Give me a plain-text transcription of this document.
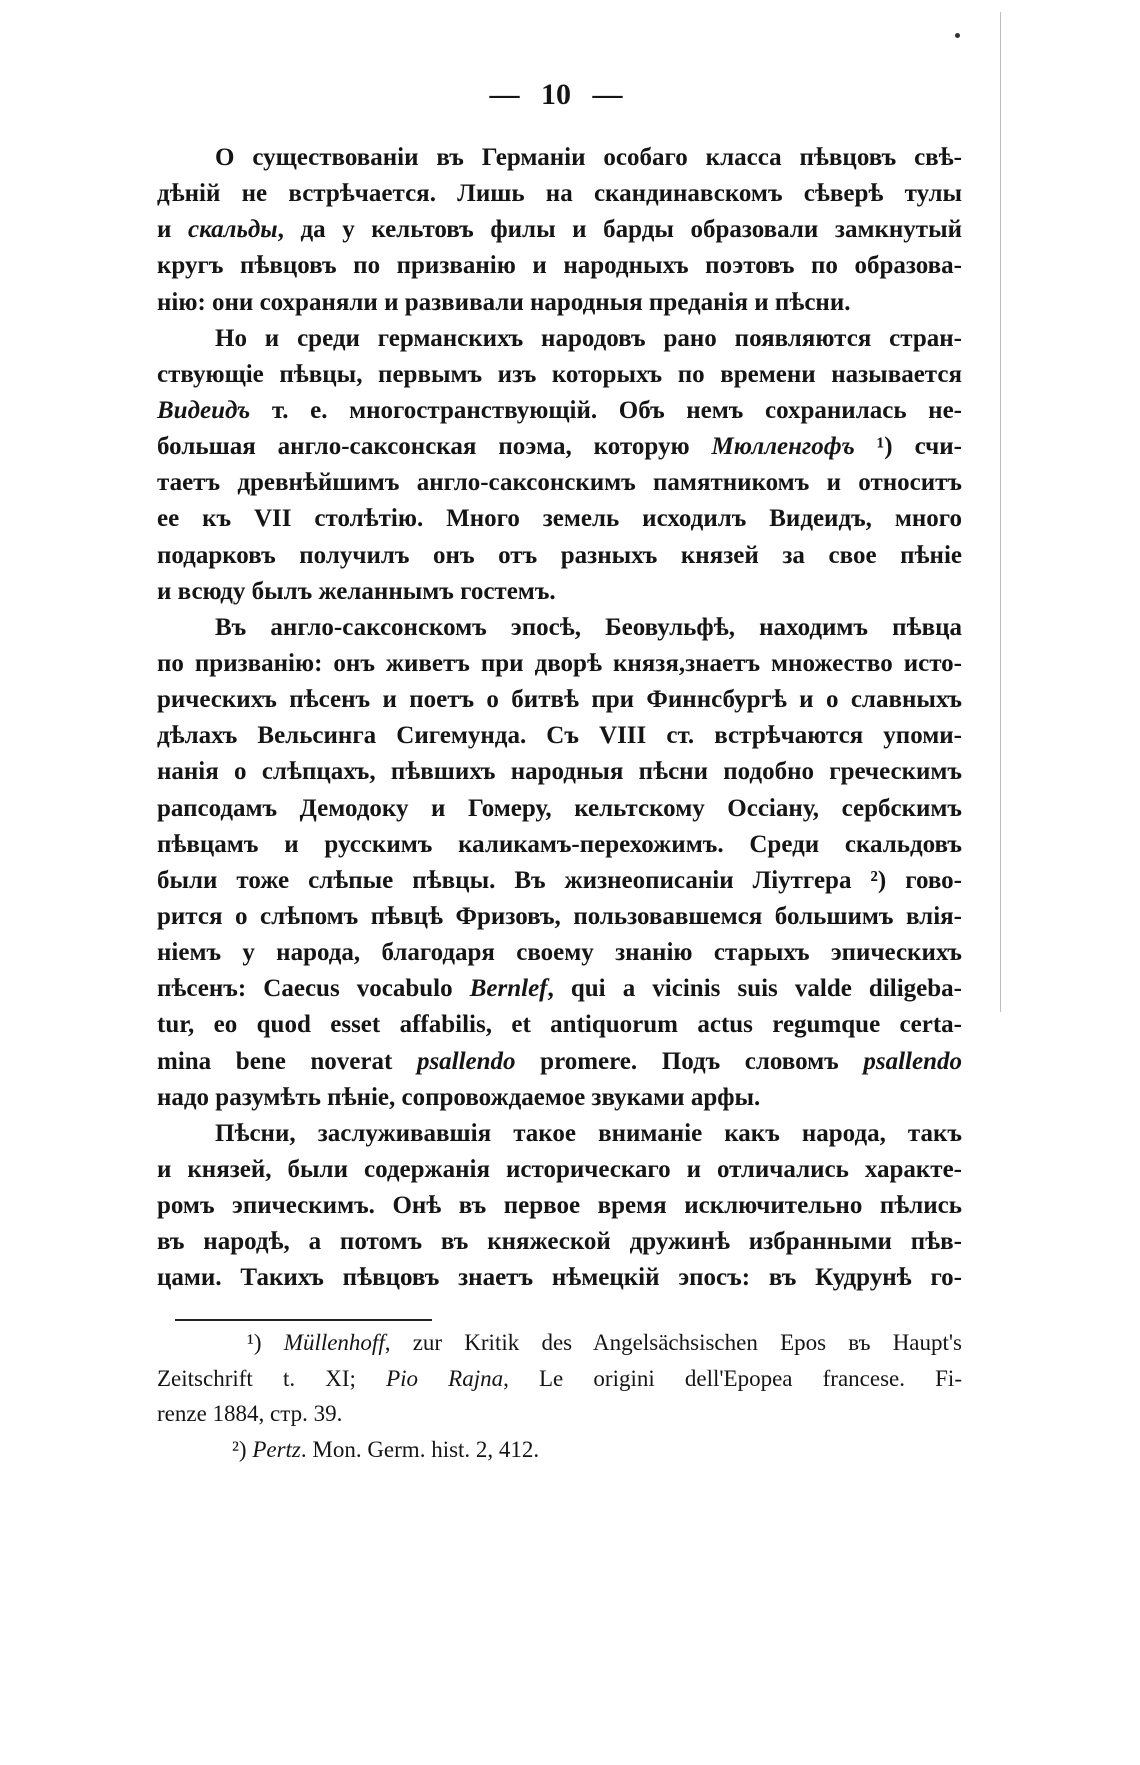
— 10 —
О существованіи въ Германіи особаго класса пѣвцовъ свѣ-
дѣній не встрѣчается. Лишь на скандинавскомъ сѣверѣ тулы
и скальды, да у кельтовъ филы и барды образовали замкнутый
кругъ пѣвцовъ по призванію и народныхъ поэтовъ по образова-
нію: они сохраняли и развивали народныя преданія и пѣсни.
Но и среди германскихъ народовъ рано появляются стран-
ствующіе пѣвцы, первымъ изъ которыхъ по времени называется
Видеидъ т. е. многостранствующій. Объ немъ сохранилась не-
большая англо-саксонская поэма, которую Мюлленгофъ ¹) счи-
таетъ древнѣйшимъ англо-саксонскимъ памятникомъ и относитъ
ее къ VII столѣтію. Много земель исходилъ Видеидъ, много
подарковъ получилъ онъ отъ разныхъ князей за свое пѣніе
и всюду былъ желаннымъ гостемъ.
Въ англо-саксонскомъ эпосѣ, Беовульфѣ, находимъ пѣвца
по призванію: онъ живетъ при дворѣ князя,знаетъ множество исто-
рическихъ пѣсенъ и поетъ о битвѣ при Финнсбургѣ и о славныхъ
дѣлахъ Вельсинга Сигемунда. Съ VIII ст. встрѣчаются упоми-
нанія о слѣпцахъ, пѣвшихъ народныя пѣсни подобно греческимъ
рапсодамъ Демодоку и Гомеру, кельтскому Оссіану, сербскимъ
пѣвцамъ и русскимъ каликамъ-перехожимъ. Среди скальдовъ
были тоже слѣпые пѣвцы. Въ жизнеописаніи Ліутгера ²) гово-
рится о слѣпомъ пѣвцѣ Фризовъ, пользовавшемся большимъ влія-
ніемъ у народа, благодаря своему знанію старыхъ эпическихъ
пѣсенъ: Caecus vocabulo Bernlef, qui a vicinis suis valde diligeba-
tur, eo quod esset affabilis, et antiquorum actus regumque certa-
mina bene noverat psallendo promere. Подъ словомъ psallendo
надо разумѣть пѣніе, сопровождаемое звуками арфы.
Пѣсни, заслуживавшія такое вниманіе какъ народа, такъ
и князей, были содержанія историческаго и отличались характе-
ромъ эпическимъ. Онѣ въ первое время исключительно пѣлись
въ народѣ, а потомъ въ княжеской дружинѣ избранными пѣв-
цами. Такихъ пѣвцовъ знаетъ нѣмецкій эпосъ: въ Кудрунѣ го-
¹) Müllenhoff, zur Kritik des Angelsächsischen Epos въ Haupt's
Zeitschrift t. XI; Pio Rajna, Le origini dell'Epopea francese. Fi-
renze 1884, стр. 39.
²) Pertz. Mon. Germ. hist. 2, 412.
